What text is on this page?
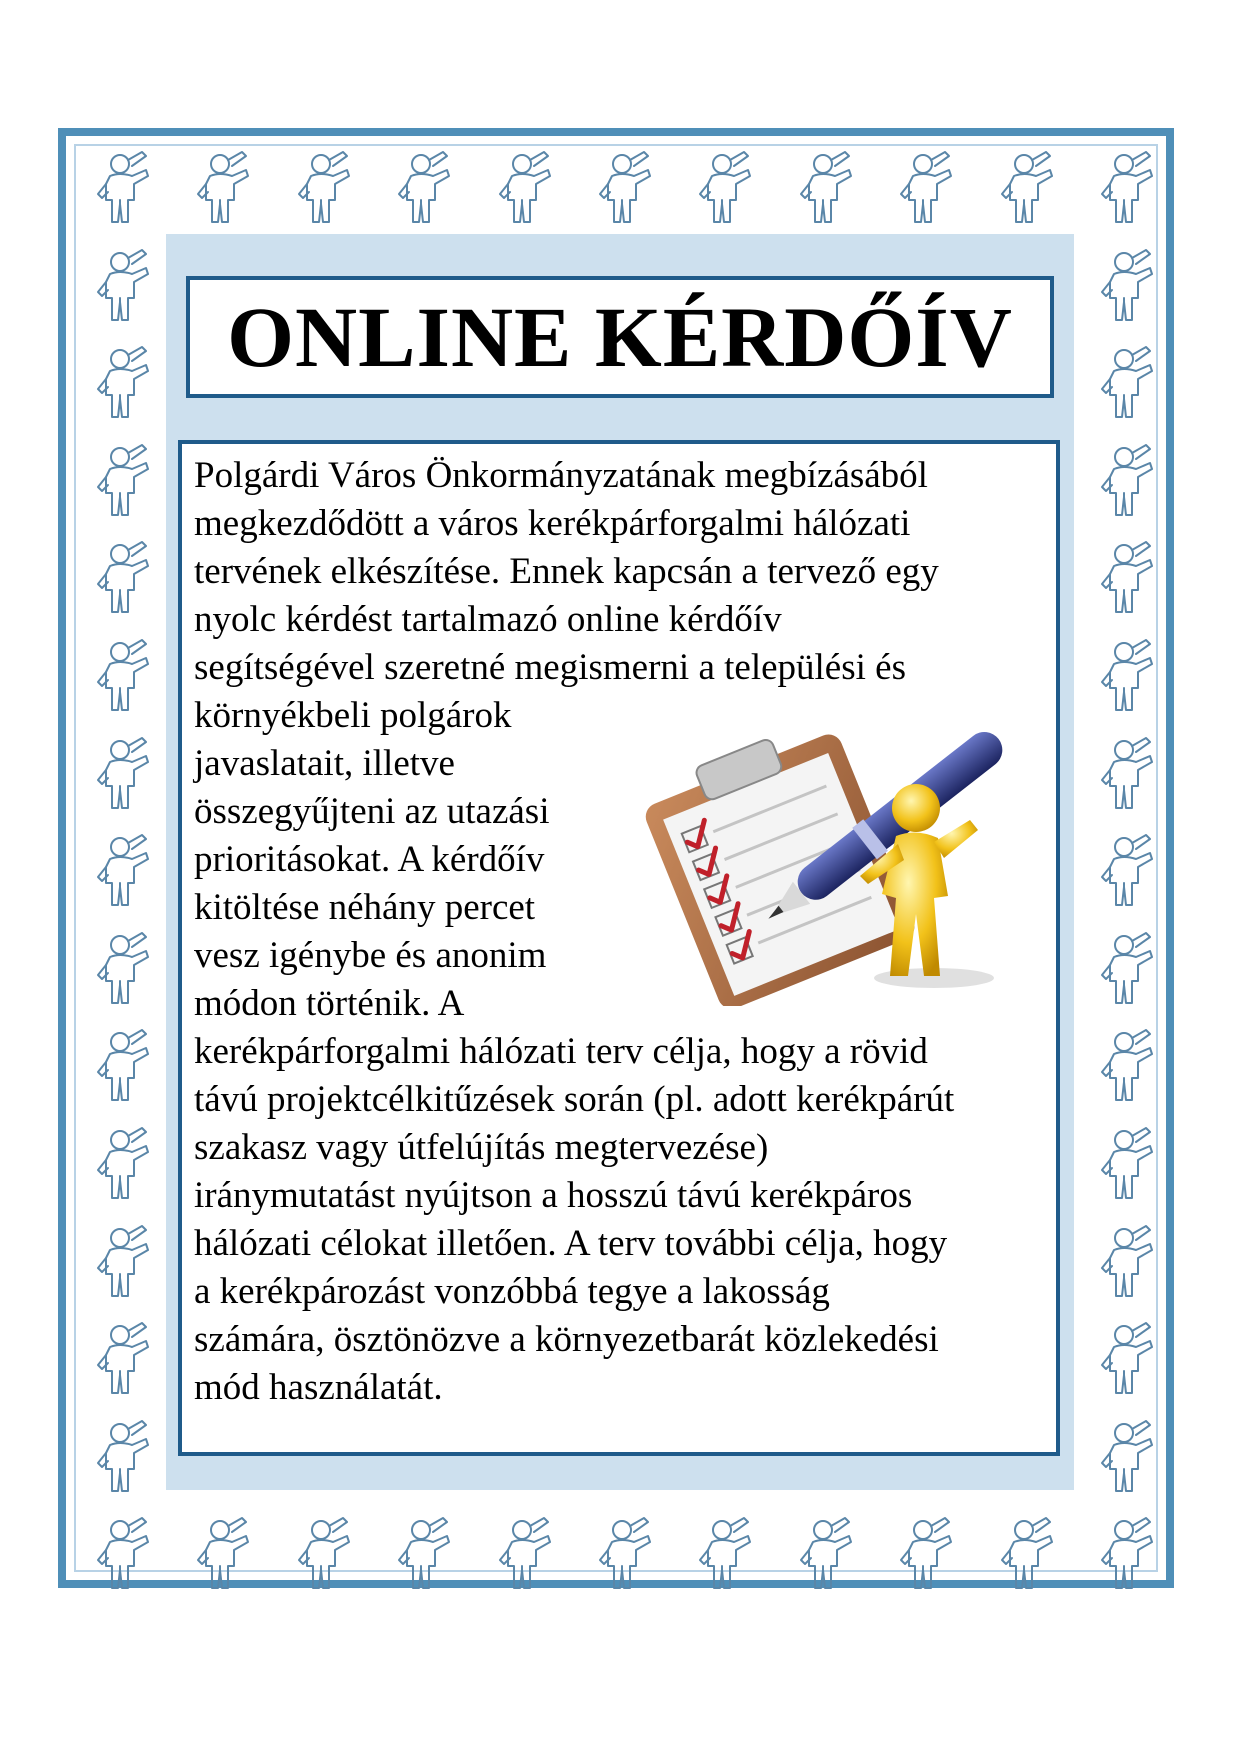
ONLINE KÉRDŐÍV
Polgárdi Város Önkormányzatának megbízásából
megkezdődött a város kerékpárforgalmi hálózati
tervének elkészítése. Ennek kapcsán a tervező egy
nyolc kérdést tartalmazó online kérdőív
segítségével szeretné megismerni a települési és
környékbeli polgárok
javaslatait, illetve
összegyűjteni az utazási
prioritásokat. A kérdőív
kitöltése néhány percet
vesz igénybe és anonim
módon történik. A
kerékpárforgalmi hálózati terv célja, hogy a rövid
távú projektcélkitűzések során (pl. adott kerékpárút
szakasz vagy útfelújítás megtervezése)
iránymutatást nyújtson a hosszú távú kerékpáros
hálózati célokat illetően. A terv további célja, hogy
a kerékpározást vonzóbbá tegye a lakosság
számára, ösztönözve a környezetbarát közlekedési
mód használatát.
